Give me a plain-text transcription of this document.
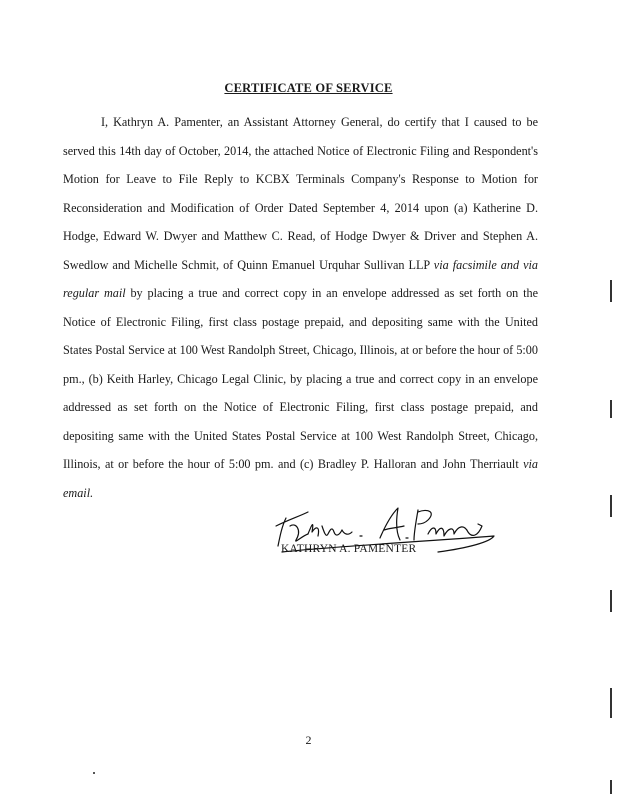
CERTIFICATE OF SERVICE

I, Kathryn A. Pamenter, an Assistant Attorney General, do certify that I caused to be served this 14th day of October, 2014, the attached Notice of Electronic Filing and Respondent's Motion for Leave to File Reply to KCBX Terminals Company's Response to Motion for Reconsideration and Modification of Order Dated September 4, 2014 upon (a) Katherine D. Hodge, Edward W. Dwyer and Matthew C. Read, of Hodge Dwyer & Driver and Stephen A. Swedlow and Michelle Schmit, of Quinn Emanuel Urquhar Sullivan LLP via facsimile and via regular mail by placing a true and correct copy in an envelope addressed as set forth on the Notice of Electronic Filing, first class postage prepaid, and depositing same with the United States Postal Service at 100 West Randolph Street, Chicago, Illinois, at or before the hour of 5:00 pm., (b) Keith Harley, Chicago Legal Clinic, by placing a true and correct copy in an envelope addressed as set forth on the Notice of Electronic Filing, first class postage prepaid, and depositing same with the United States Postal Service at 100 West Randolph Street, Chicago, Illinois, at or before the hour of 5:00 pm. and (c) Bradley P. Halloran and John Therriault via email.

KATHRYN A. PAMENTER
2
